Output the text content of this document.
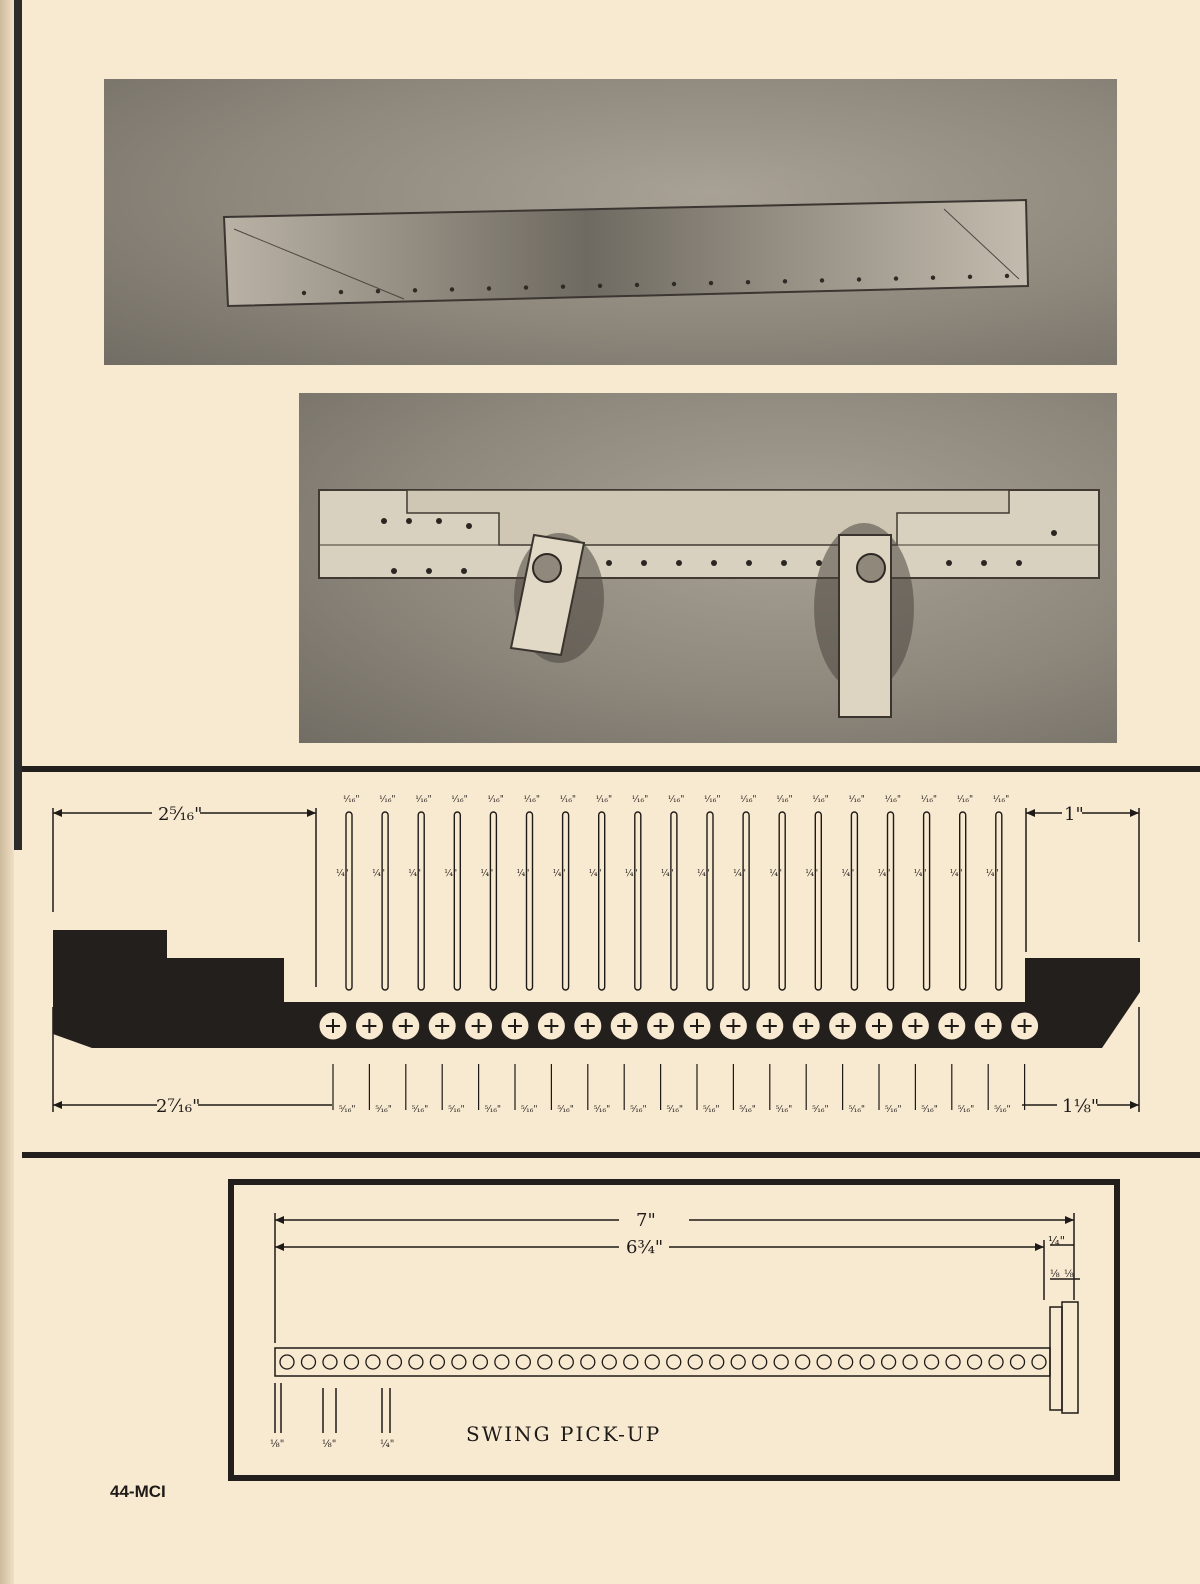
2⁵⁄₁₆"	1"
2⁷⁄₁₆"	1⅛"
¹⁄₁₆"
¼"
¹⁄₁₆"
¼"
¹⁄₁₆"
¼"
¹⁄₁₆"
¼"
¹⁄₁₆"
¼"
¹⁄₁₆"
¼"
¹⁄₁₆"
¼"
¹⁄₁₆"
¼"
¹⁄₁₆"
¼"
¹⁄₁₆"
¼"
¹⁄₁₆"
¼"
¹⁄₁₆"
¼"
¹⁄₁₆"
¼"
¹⁄₁₆"
¼"
¹⁄₁₆"
¼"
¹⁄₁₆"
¼"
¹⁄₁₆"
¼"
¹⁄₁₆"
¼"
¹⁄₁₆"
¼"
⁵⁄₁₆" ⁵⁄₁₆" ⁵⁄₁₆" ⁵⁄₁₆" ⁵⁄₁₆" ⁵⁄₁₆" ⁵⁄₁₆" ⁵⁄₁₆" ⁵⁄₁₆" ⁵⁄₁₆" ⁵⁄₁₆" ⁵⁄₁₆" ⁵⁄₁₆" ⁵⁄₁₆" ⁵⁄₁₆" ⁵⁄₁₆" ⁵⁄₁₆" ⁵⁄₁₆" ⁵⁄₁₆"
7"
6¾"	¼"
⅛ ⅛
⅛"	⅛"	¼"	SWING PICK-UP
44-MCI
